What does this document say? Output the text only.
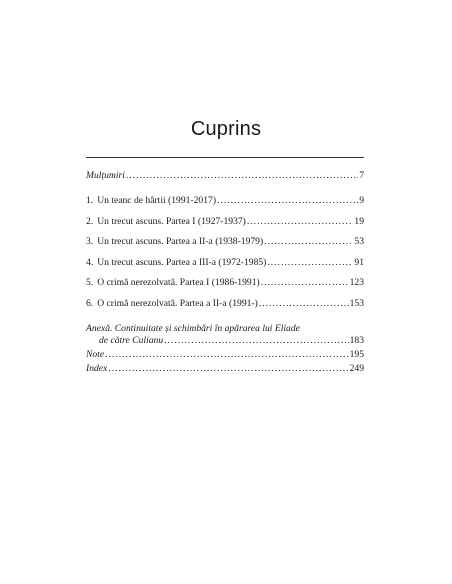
Cuprins
Mulțumiri .....	7
1. Un teanc de hârtii (1991-2017) .....	9
2. Un trecut ascuns. Partea I (1927-1937) .....	19
3. Un trecut ascuns. Partea a II-a (1938-1979) .....	53
4. Un trecut ascuns. Partea a III-a (1972-1985) .....	91
5. O crimă nerezolvată. Partea I (1986-1991) .....	123
6. O crimă nerezolvată. Partea a II-a (1991-) .....	153
Anexă. Continuitate și schimbări în apărarea lui Eliade
de către Culianu .....	183
Note .....	195
Index .....	249
